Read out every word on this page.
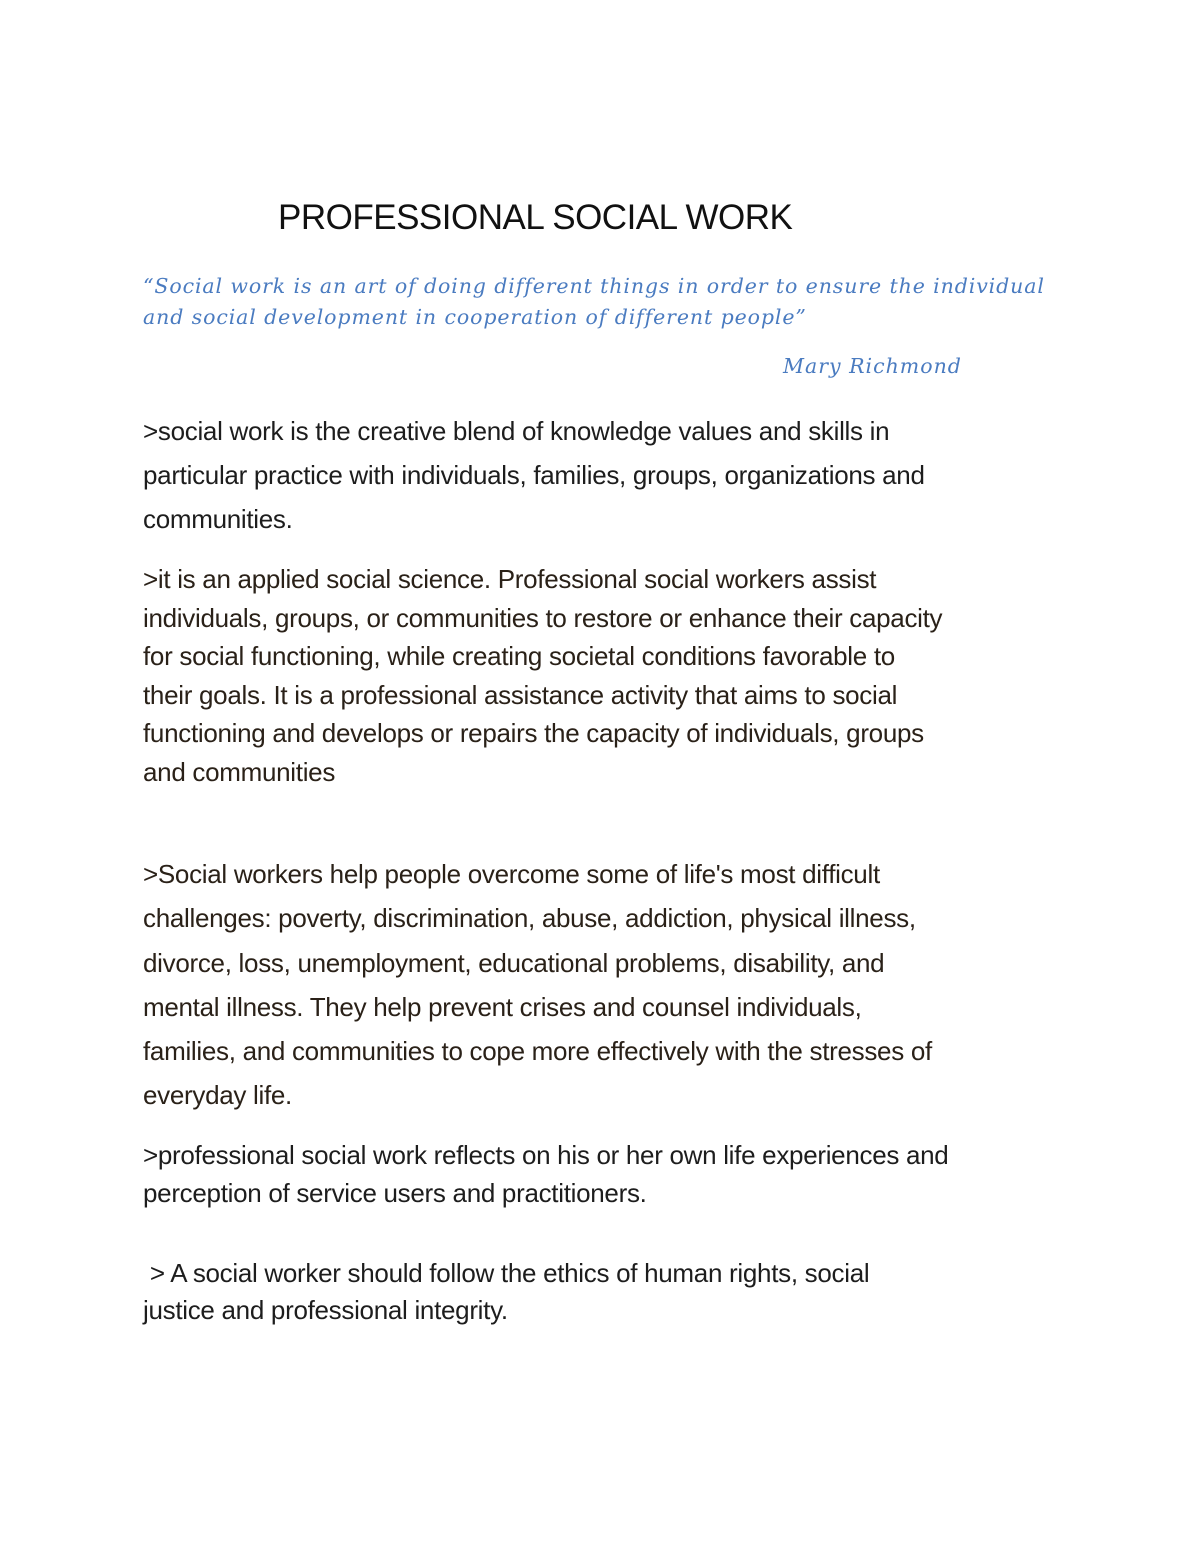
PROFESSIONAL SOCIAL WORK
“Social work is an art of doing different things in order to ensure the individual
and social development in cooperation of different people”
Mary Richmond
>social work is the creative blend of knowledge values and skills in
particular practice with individuals, families, groups, organizations and
communities.
>it is an applied social science. Professional social workers assist
individuals, groups, or communities to restore or enhance their capacity
for social functioning, while creating societal conditions favorable to
their goals. It is a professional assistance activity that aims to social
functioning and develops or repairs the capacity of individuals, groups
and communities
>Social workers help people overcome some of life's most difficult
challenges: poverty, discrimination, abuse, addiction, physical illness,
divorce, loss, unemployment, educational problems, disability, and
mental illness. They help prevent crises and counsel individuals,
families, and communities to cope more effectively with the stresses of
everyday life.
>professional social work reflects on his or her own life experiences and
perception of service users and practitioners.
> A social worker should follow the ethics of human rights, social
justice and professional integrity.
